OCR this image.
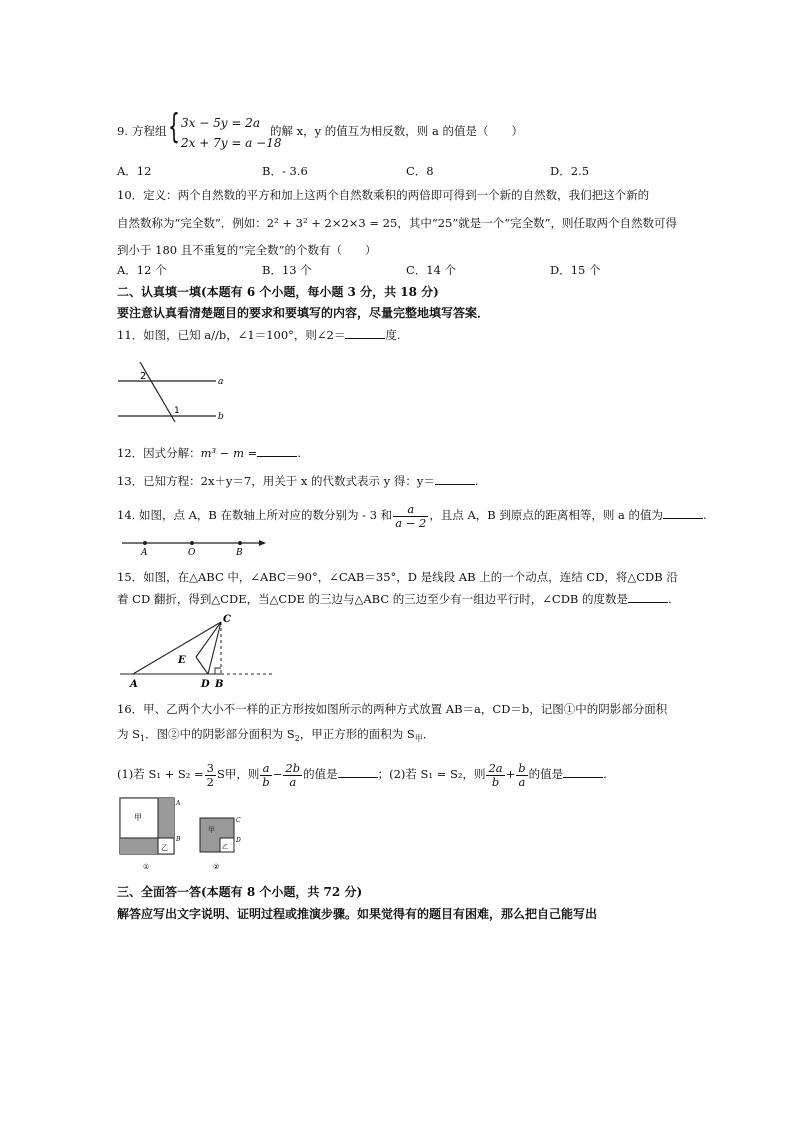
9. 方程组 { 3x − 5y = 2a
2x + 7y = a −18
的解 x，y 的值互为相反数，则 a 的值是（　　）
A．12	B．- 3.6	C．8	D．2.5
10．定义：两个自然数的平方和加上这两个自然数乘积的两倍即可得到一个新的自然数，我们把这个新的
自然数称为“完全数”．例如：2² + 3² + 2×2×3 = 25，其中“25”就是一个“完全数”，则任取两个自然数可得
到小于 180 且不重复的“完全数”的个数有（　　）
A．12 个	B．13 个	C．14 个	D．15 个
二、认真填一填(本题有 6 个小题，每小题 3 分，共 18 分)
要注意认真看清楚题目的要求和要填写的内容，尽量完整地填写答案．
11．如图，已知 a//b，∠1＝100°，则∠2＝	度.
2
1
a
b
12．因式分解：m³ − m =	.
13．已知方程：2x＋y＝7，用关于 x 的代数式表示 y 得：y＝	.
14. 如图，点 A，B 在数轴上所对应的数分别为 - 3 和 $\frac{a}{a - 2}$ ，且点 A，B 到原点的距离相等，则 a 的值为	.
A	O	B
15．如图，在△ABC 中，∠ABC＝90°，∠CAB＝35°，D 是线段 AB 上的一个动点，连结 CD，将△CDB 沿
着 CD 翻折，得到△CDE，当△CDE 的三边与△ABC 的三边至少有一组边平行时，∠CDB 的度数是	.
C
E
A	D B
16．甲、乙两个大小不一样的正方形按如图所示的两种方式放置 AB＝a，CD＝b，记图①中的阴影部分面积
为 $S_1$．图②中的阴影部分面积为 $S_2$，甲正方形的面积为 $S_甲$．
(1)若 $S_1 + S_2 = \frac{3}{2}$ S甲，则 $\frac{a}{b} - \frac{2b}{a}$ 的值是	；(2)若 S₁ = S₂，则 $\frac{2a}{b} + \frac{b}{a}$ 的值是	.
甲
乙
A
B
①
甲
乙
C
D
②
三、全面答一答(本题有 8 个小题，共 72 分)
解答应写出文字说明、证明过程或推演步骤。如果觉得有的题目有困难，那么把自己能写出
